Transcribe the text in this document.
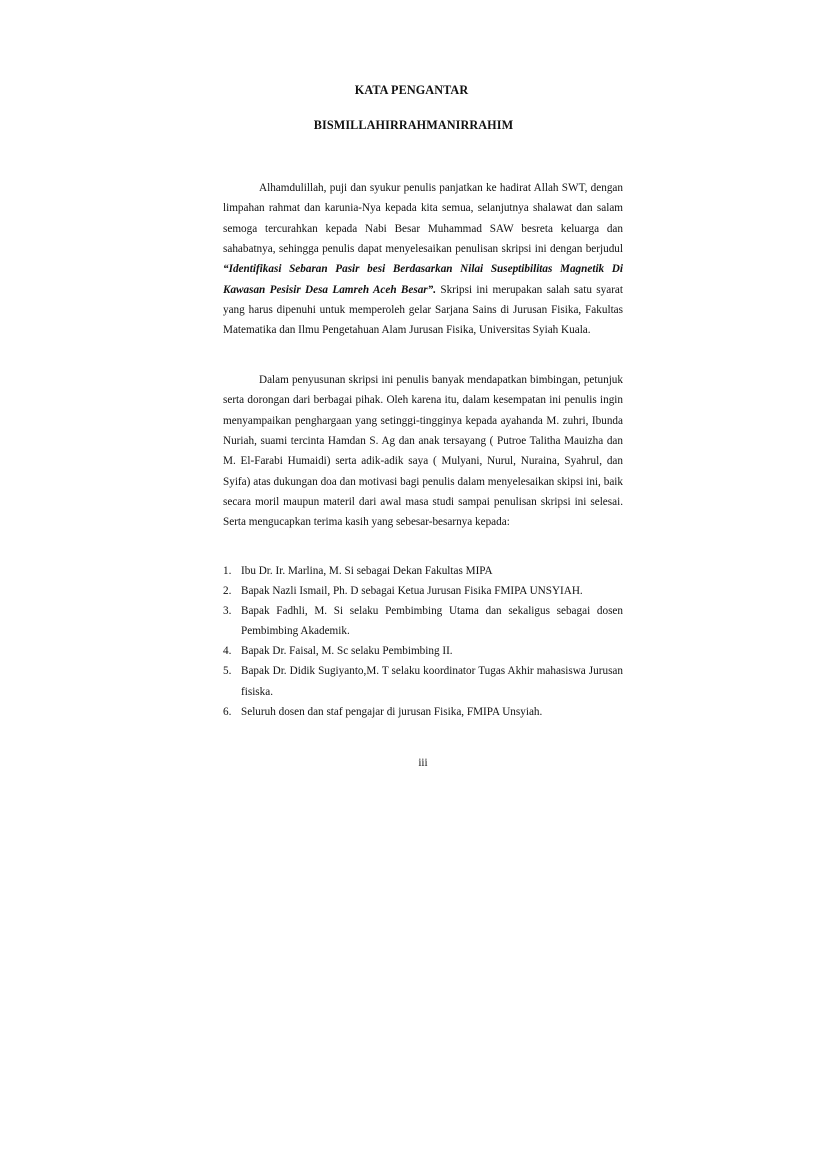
KATA PENGANTAR
BISMILLAHIRRAHMANIRRAHIM

Alhamdulillah, puji dan syukur penulis panjatkan ke hadirat Allah SWT, dengan limpahan rahmat dan karunia-Nya kepada kita semua, selanjutnya shalawat dan salam semoga tercurahkan kepada Nabi Besar Muhammad SAW besreta keluarga dan sahabatnya, sehingga penulis dapat menyelesaikan penulisan skripsi ini dengan berjudul “Identifikasi Sebaran Pasir besi Berdasarkan Nilai Suseptibilitas Magnetik Di Kawasan Pesisir Desa Lamreh Aceh Besar”. Skripsi ini merupakan salah satu syarat yang harus dipenuhi untuk memperoleh gelar Sarjana Sains di Jurusan Fisika, Fakultas Matematika dan Ilmu Pengetahuan Alam Jurusan Fisika, Universitas Syiah Kuala.

Dalam penyusunan skripsi ini penulis banyak mendapatkan bimbingan, petunjuk serta dorongan dari berbagai pihak. Oleh karena itu, dalam kesempatan ini penulis ingin menyampaikan penghargaan yang setinggi-tingginya kepada ayahanda M. zuhri, Ibunda Nuriah, suami tercinta Hamdan S. Ag dan anak tersayang ( Putroe Talitha Mauizha dan M. El-Farabi Humaidi) serta adik-adik saya ( Mulyani, Nurul, Nuraina, Syahrul, dan Syifa) atas dukungan doa dan motivasi bagi penulis dalam menyelesaikan skipsi ini, baik secara moril maupun materil dari awal masa studi sampai penulisan skripsi ini selesai. Serta mengucapkan terima kasih yang sebesar-besarnya kepada:

1. Ibu Dr. Ir. Marlina, M. Si sebagai Dekan Fakultas MIPA
2. Bapak Nazli Ismail, Ph. D sebagai Ketua Jurusan Fisika FMIPA UNSYIAH.
3. Bapak Fadhli, M. Si selaku Pembimbing Utama dan sekaligus sebagai dosen Pembimbing Akademik.
4. Bapak Dr. Faisal, M. Sc selaku Pembimbing II.
5. Bapak Dr. Didik Sugiyanto,M. T selaku koordinator Tugas Akhir mahasiswa Jurusan fisiska.
6. Seluruh dosen dan staf pengajar di jurusan Fisika, FMIPA Unsyiah.
iii
